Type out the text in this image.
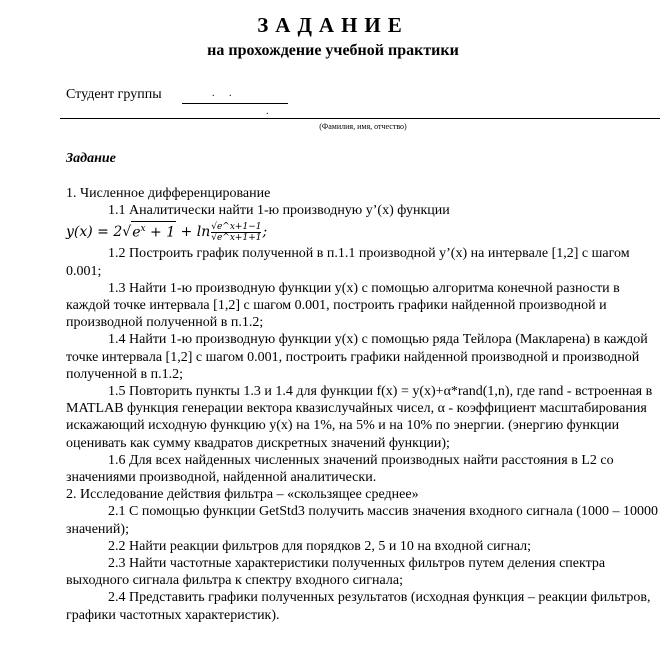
ЗАДАНИЕ
на прохождение учебной практики
Студент группы	. .
.
(Фамилия, имя, отчество)
Задание

1. Численное дифференцирование

1.1 Аналитически найти 1-ю производную y’(x) функции

$y(x) = 2√e^x + 1 + \ln \frac{√e\^{}x+1-1}{√e\^{}x+1+1}$ ;

1.2 Построить график полученной в п.1.1 производной y’(x) на интервале [1,2] с шагом 0.001;

1.3 Найти 1-ю производную функции y(x) с помощью алгоритма конечной разности в каждой точке интервала [1,2] с шагом 0.001, построить графики найденной производной и производной полученной в п.1.2;

1.4 Найти 1-ю производную функции y(x) с помощью ряда Тейлора (Макларена) в каждой точке интервала [1,2] с шагом 0.001, построить графики найденной производной и производной полученной в п.1.2;

1.5 Повторить пункты 1.3 и 1.4 для функции f(x) = y(x)+α*rand(1,n), где rand - встроенная в MATLAB функция генерации вектора квазислучайных чисел, α - коэффициент масштабирования искажающий исходную функцию y(x) на 1%, на 5% и на 10% по энергии. (энергию функции оценивать как сумму квадратов дискретных значений функции);

1.6 Для всех найденных численных значений производных найти расстояния в L2 со значениями производной, найденной аналитически.

2. Исследование действия фильтра – «скользящее среднее»

2.1 С помощью функции GetStd3 получить массив значения входного сигнала (1000 – 10000 значений);

2.2 Найти реакции фильтров для порядков 2, 5 и 10 на входной сигнал;

2.3 Найти частотные характеристики полученных фильтров путем деления спектра выходного сигнала фильтра к спектру входного сигнала;

2.4 Представить графики полученных результатов (исходная функция – реакции фильтров, графики частотных характеристик).
